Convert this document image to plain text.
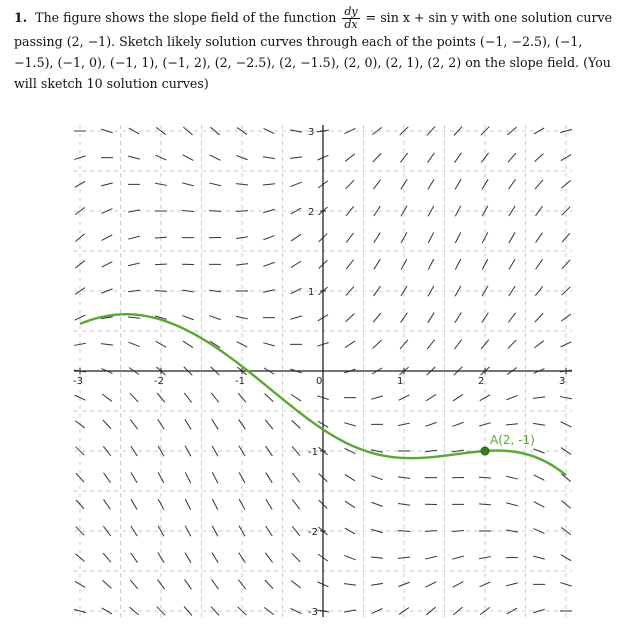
1. The figure shows the slope field of the function $\frac{dy}{dx} = \sin x + \sin y$ with one solution curve passing (2, −1). Sketch likely solution curves through each of the points (−1, −2.5), (−1, −1.5), (−1, 0), (−1, 1), (−1, 2), (2, −2.5), (2, −1.5), (2, 0), (2, 1), (2, 2) on the slope field. (You will sketch 10 solution curves)
-3	-2	-1	0	1	2	3
-3
-2
-1
1
2
3
A(2, -1)
